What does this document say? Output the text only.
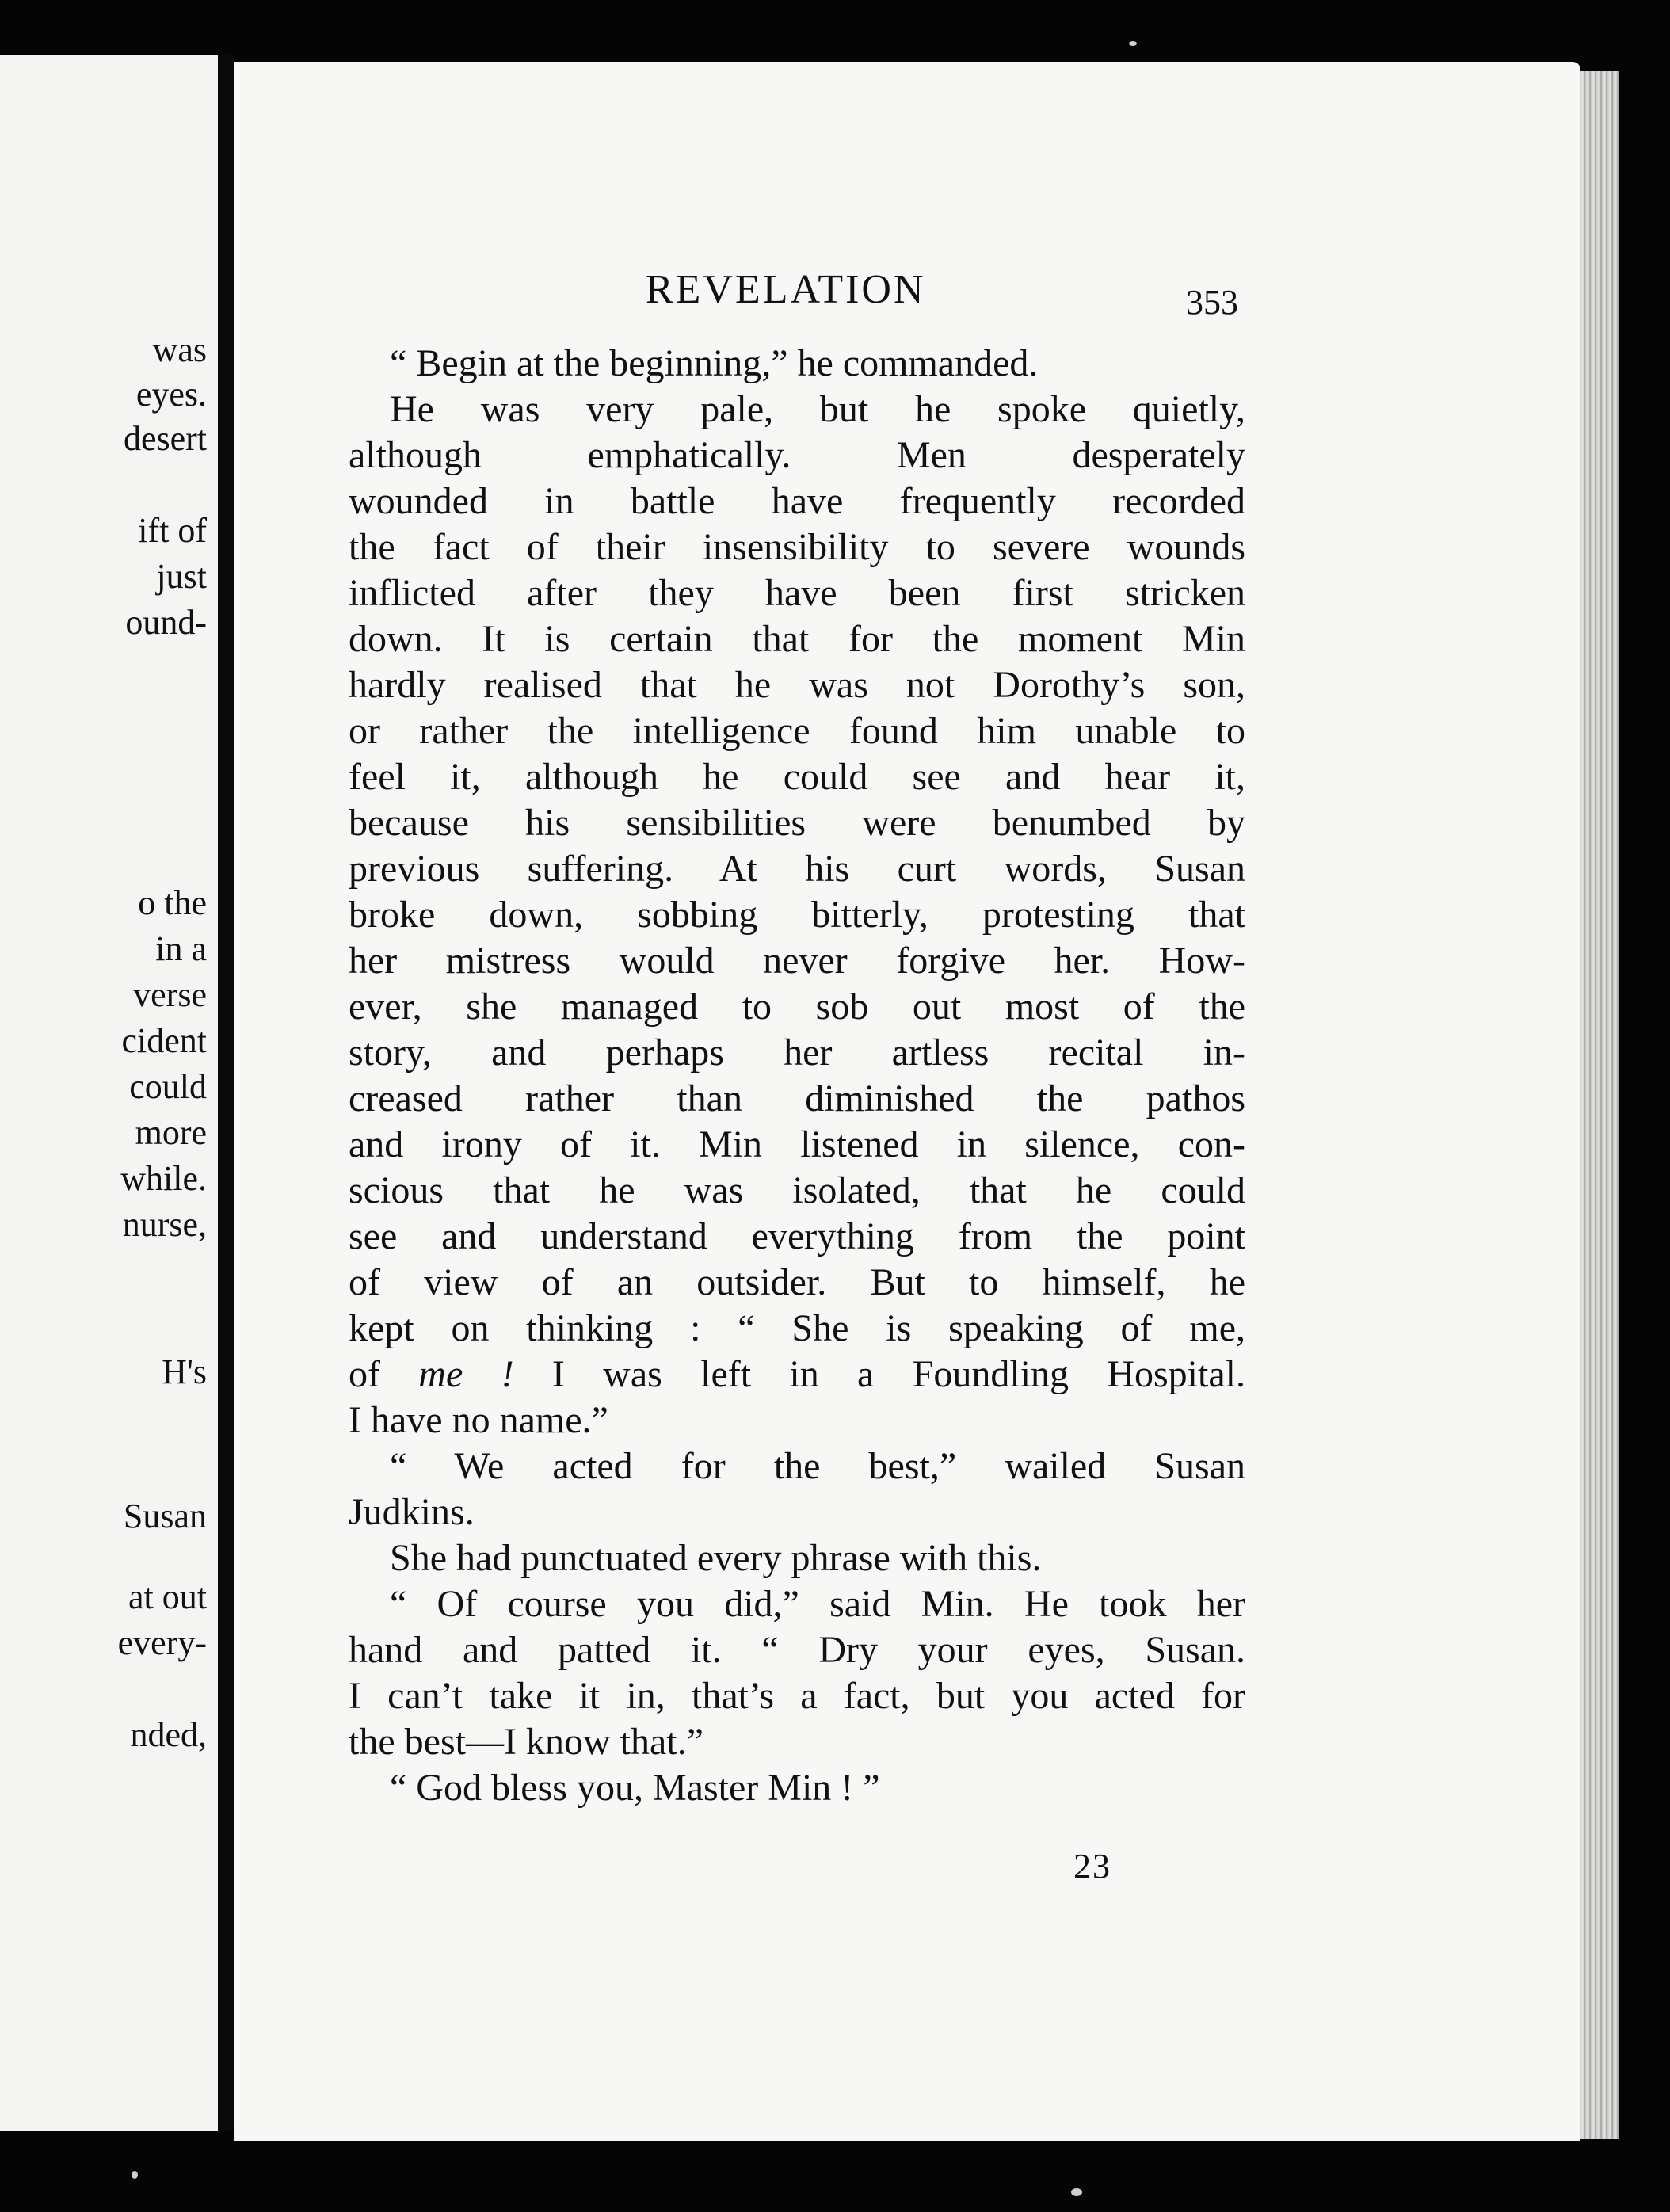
was
eyes.
desert
ift of
just
ound-
o the
in a
verse
cident
could
more
while.
nurse,
H's
Susan
at out
every-
nded,
REVELATION	353
“ Begin at the beginning,” he commanded.
He was very pale, but he spoke quietly,
although emphatically. Men desperately
wounded in battle have frequently recorded
the fact of their insensibility to severe wounds
inflicted after they have been first stricken
down. It is certain that for the moment Min
hardly realised that he was not Dorothy’s son,
or rather the intelligence found him unable to
feel it, although he could see and hear it,
because his sensibilities were benumbed by
previous suffering. At his curt words, Susan
broke down, sobbing bitterly, protesting that
her mistress would never forgive her. How-
ever, she managed to sob out most of the
story, and perhaps her artless recital in-
creased rather than diminished the pathos
and irony of it. Min listened in silence, con-
scious that he was isolated, that he could
see and understand everything from the point
of view of an outsider. But to himself, he
kept on thinking : “ She is speaking of me,
of me ! I was left in a Foundling Hospital.
I have no name.”
“ We acted for the best,” wailed Susan
Judkins.
She had punctuated every phrase with this.
“ Of course you did,” said Min. He took her
hand and patted it. “ Dry your eyes, Susan.
I can’t take it in, that’s a fact, but you acted for
the best—I know that.”
“ God bless you, Master Min ! ”
23
